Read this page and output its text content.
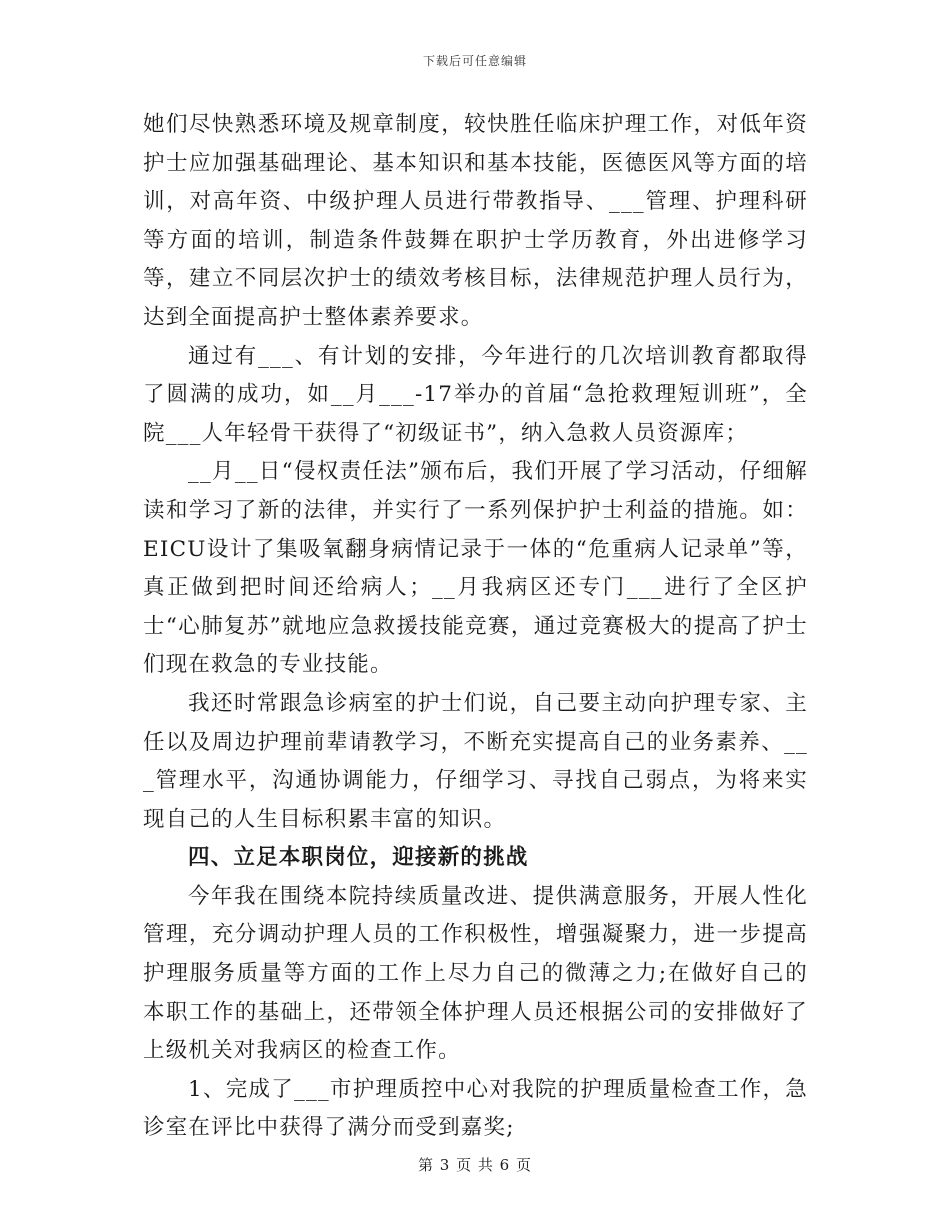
下载后可任意编辑

她们尽快熟悉环境及规章制度，较快胜任临床护理工作，对低年资护士应加强基础理论、基本知识和基本技能，医德医风等方面的培训，对高年资、中级护理人员进行带教指导、___管理、护理科研等方面的培训，制造条件鼓舞在职护士学历教育，外出进修学习等，建立不同层次护士的绩效考核目标，法律规范护理人员行为，达到全面提高护士整体素养要求。

通过有___、有计划的安排，今年进行的几次培训教育都取得了圆满的成功，如__月___-17举办的首届“急抢救理短训班”，全院___人年轻骨干获得了“初级证书”，纳入急救人员资源库；

__月__日“侵权责任法”颁布后，我们开展了学习活动，仔细解读和学习了新的法律，并实行了一系列保护护士利益的措施。如：EICU设计了集吸氧翻身病情记录于一体的“危重病人记录单”等，真正做到把时间还给病人；__月我病区还专门___进行了全区护士“心肺复苏”就地应急救援技能竞赛，通过竞赛极大的提高了护士们现在救急的专业技能。

我还时常跟急诊病室的护士们说，自己要主动向护理专家、主任以及周边护理前辈请教学习，不断充实提高自己的业务素养、___管理水平，沟通协调能力，仔细学习、寻找自己弱点，为将来实现自己的人生目标积累丰富的知识。

四、立足本职岗位，迎接新的挑战

今年我在围绕本院持续质量改进、提供满意服务，开展人性化管理，充分调动护理人员的工作积极性，增强凝聚力，进一步提高护理服务质量等方面的工作上尽力自己的微薄之力;在做好自己的本职工作的基础上，还带领全体护理人员还根据公司的安排做好了上级机关对我病区的检查工作。

1、完成了___市护理质控中心对我院的护理质量检查工作，急诊室在评比中获得了满分而受到嘉奖;

第 3 页 共 6 页
